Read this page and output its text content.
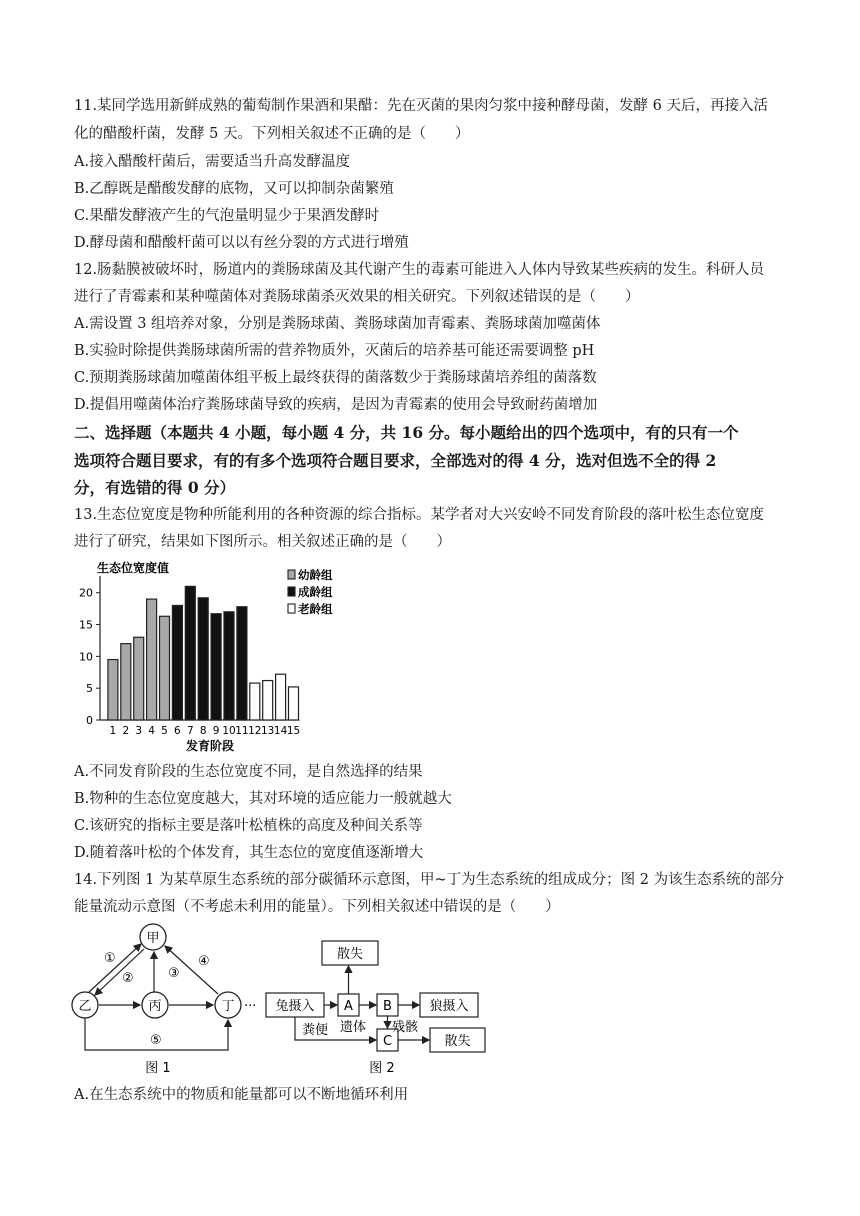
11.某同学选用新鲜成熟的葡萄制作果酒和果醋：先在灭菌的果肉匀浆中接种酵母菌，发酵 6 天后，再接入活
化的醋酸杆菌，发酵 5 天。下列相关叙述不正确的是（　　）
A.接入醋酸杆菌后，需要适当升高发酵温度
B.乙醇既是醋酸发酵的底物，又可以抑制杂菌繁殖
C.果醋发酵液产生的气泡量明显少于果酒发酵时
D.酵母菌和醋酸杆菌可以以有丝分裂的方式进行增殖
12.肠黏膜被破坏时，肠道内的粪肠球菌及其代谢产生的毒素可能进入人体内导致某些疾病的发生。科研人员
进行了青霉素和某种噬菌体对粪肠球菌杀灭效果的相关研究。下列叙述错误的是（　　）
A.需设置 3 组培养对象，分别是粪肠球菌、粪肠球菌加青霉素、粪肠球菌加噬菌体
B.实验时除提供粪肠球菌所需的营养物质外，灭菌后的培养基可能还需要调整 pH
C.预期粪肠球菌加噬菌体组平板上最终获得的菌落数少于粪肠球菌培养组的菌落数
D.提倡用噬菌体治疗粪肠球菌导致的疾病，是因为青霉素的使用会导致耐药菌增加
二、选择题（本题共 4 小题，每小题 4 分，共 16 分。每小题给出的四个选项中，有的只有一个
选项符合题目要求，有的有多个选项符合题目要求，全部选对的得 4 分，选对但选不全的得 2
分，有选错的得 0 分）
13.生态位宽度是物种所能利用的各种资源的综合指标。某学者对大兴安岭不同发育阶段的落叶松生态位宽度
进行了研究，结果如下图所示。相关叙述正确的是（　　）
生态位宽度值
发育阶段
0
5
10
15
20
1 2 3 4 5 6 7 8 9 10 11 12 13 14 15
幼龄组
成龄组
老龄组
A.不同发育阶段的生态位宽度不同，是自然选择的结果
B.物种的生态位宽度越大，其对环境的适应能力一般就越大
C.该研究的指标主要是落叶松植株的高度及种间关系等
D.随着落叶松的个体发育，其生态位的宽度值逐渐增大
14.下列图 1 为某草原生态系统的部分碳循环示意图，甲~丁为生态系统的组成成分；图 2 为该生态系统的部分
能量流动示意图（不考虑未利用的能量）。下列相关叙述中错误的是（　　）
甲
乙	丙	丁
①
②	③
④
⑤
图 1
··· 兔摄入 A B
散失
狼摄入
C	散失
粪便 遗体 残骸
图 2
A.在生态系统中的物质和能量都可以不断地循环利用
